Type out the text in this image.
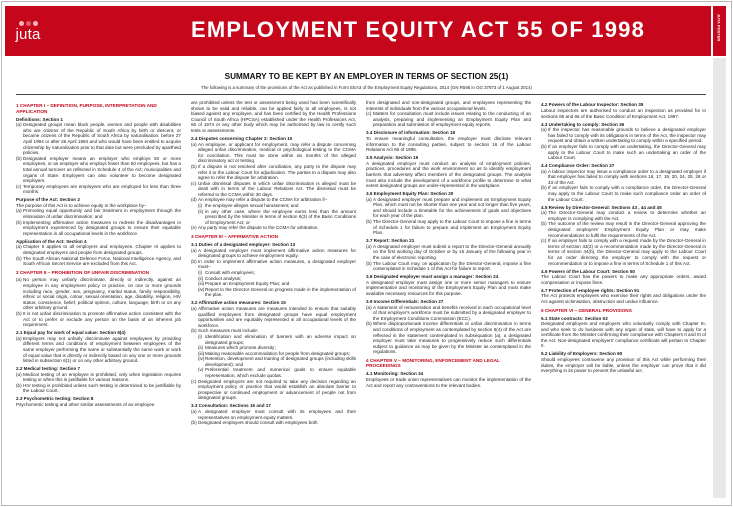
juta	EMPLOYMENT EQUITY ACT 55 OF 1998	JUTA POSTER
SUMMARY TO BE KEPT BY AN EMPLOYER IN TERMS OF SECTION 25(1)
The following is a summary of the provisions of the Act as published in Form EEA3 of the Employment Equity Regulations, 2014 (GN R595 in GG 37873 of 1 August 2014)
1 CHAPTER I – DEFINITION, PURPOSE, INTERPRETATION AND APPLICATION
Definitions: Section 1
(a) Designated groups mean black people, women and people with disabilities who are citizens of the Republic of South Africa by birth or descent, or became citizens of the Republic of South Africa by naturalisation: before 27 April 1994 or after 26 April 1994 and who would have been entitled to acquire citizenship by naturalization prior to that date but were precluded by apartheid policies.
(b) Designated employer means an employer who employs 50 or more employees, or an employer who employs fewer than 50 employees, but has a total annual turnover as reflected in Schedule 4 of the Act; municipalities and organs of State. Employers can also volunteer to become designated employers.
(c) Temporary employees are employees who are employed for less than three months.
Purpose of the Act: Section 2
The purpose of this Act is to achieve equity in the workplace by–
(a) Promoting equal opportunity and fair treatment in employment through the elimination of unfair discrimination; and
(b) Implementing affirmative action measures to redress the disadvantages in employment experienced by designated groups to ensure their equitable representation in all occupational levels in the workforce.
Application of the Act: Section 4
(a) Chapter II applies to all employers and employees. Chapter III applies to designated employers and people from designated groups.
(b) The South African National Defence Force, National Intelligence Agency, and South African Secret Service are excluded from this Act.
2 CHAPTER II – PROHIBITION OF UNFAIR DISCRIMINATION
(a) No person may unfairly discriminate, directly or indirectly, against an employee in any employment policy or practice, on one or more grounds including race, gender, sex, pregnancy, marital status, family responsibility, ethnic or social origin, colour, sexual orientation, age, disability, religion, HIV status, conscience, belief, political opinion, culture, language, birth or on any other arbitrary ground.
(b) It is not unfair discrimination to promote affirmative action consistent with the Act or to prefer or exclude any person on the basis of an inherent job requirement.
2.1 Equal pay for work of equal value: Section 6(4)
(a) Employers may not unfairly discriminate against employees by providing different terms and conditions of employment between employees of the same employer performing the same or substantially the same work or work of equal value that is directly or indirectly based on any one or more grounds listed in subsection 6(1) or on any other arbitrary ground.
2.2 Medical testing: Section 7
(a) Medical testing of an employee is prohibited, only when legislation requires testing or when this is justifiable for various reasons.
(b) HIV testing is prohibited unless such testing is determined to be justifiable by the Labour Court.
2.3 Psychometric testing: Section 8
Psychometric testing and other similar assessments of an employee
are prohibited unless the test or assessment being used has been scientifically shown to be valid and reliable, can be applied fairly to all employees, is not biased against any employee, and has been certified by the Health Professions Council of South Africa (HPCSA) established under the Health Professions Act, 56 of 1974 or any other body which may be authorised by law to certify such tests or assessments.
2.4 Disputes concerning Chapter 2: Section 10
(a) An employee, or applicant for employment, may refer a dispute concerning alleged unfair discrimination, medical or psychological testing to the CCMA for conciliation. This must be done within six months of the alleged discriminatory act or testing.
(b) If a dispute is not resolved after conciliation, any party to the dispute may refer it to the Labour Court for adjudication. The parties to a dispute may also agree to refer the dispute for arbitration.
(c) Unfair dismissal disputes in which unfair discrimination is alleged must be dealt with in terms of the Labour Relations Act. The dismissal must be referred to the CCMA within 30 days.
(d) An employee may refer a dispute to the CCMA for arbitration if–
(i) the employee alleges sexual harassment; and
(ii) in any other case, where the employee earns less than the amount prescribed by the Minister in terms of section 6(3) of the Basic Conditions of Employment Act; or
(e) Any party may refer the dispute to the CCMA for arbitration.
3 CHAPTER III – AFFIRMATIVE ACTION
3.1 Duties of a designated employer: Section 13
(a) A designated employer must implement affirmative action measures for designated groups to achieve employment equity.
(b) In order to implement affirmative action measures, a designated employer must–
(i) Consult with employees;
(ii) Conduct analysis;
(iii) Prepare an Employment Equity Plan; and
(iv) Report to the Director-General on progress made in the implementation of the plan.
3.2 Affirmative action measures: Section 15
(a) Affirmative action measures are measures intended to ensure that suitably qualified employees from designated groups have equal employment opportunities and are equitably represented in all occupational levels of the workforce.
(b) Such measures must include:
(i) Identification and elimination of barriers with an adverse impact on designated groups;
(ii) Measures which promote diversity;
(iii) Making reasonable accommodation for people from designated groups;
(iv) Retention, development and training of designated groups (including skills development); and
(v) Preferential treatment and numerical goals to ensure equitable representation, which exclude quotas.
(c) Designated employers are not required to take any decision regarding an employment policy or practice that would establish an absolute barrier to prospective or continued employment or advancement of people not from designated groups.
3.3 Consultation: Sections 16 and 17
(a) A designated employer must consult with its employees and their representatives on employment equity matters.
(b) Designated employers should consult with employees both
from designated and non-designated groups, and employees representing the interests of individuals from the various occupational levels.
(c) Matters for consultation must include issues relating to the conducting of an analysis, preparing and implementing an Employment Equity Plan and preparation and submission of employment equity reports.
3.4 Disclosure of information: Section 18
To ensure meaningful consultation, the employer must disclose relevant information to the consulting parties, subject to section 16 of the Labour Relations Act 66 of 1995.
3.5 Analysis: Section 19
A designated employer must conduct an analysis of employment policies, practices, procedures and the work environment so as to identify employment barriers that adversely affect members of the designated groups. The analysis must also include the development of a workforce profile to determine to what extent designated groups are under-represented in the workplace.
3.6 Employment Equity Plan: Section 20
(a) A designated employer must prepare and implement an Employment Equity Plan, which must not be shorter than one year and not longer than five years, and should include a timetable for the achievement of goals and objectives for each year of the plan.
(b) The Director-General may apply to the Labour Court to impose a fine in terms of Schedule 1 for failure to prepare and implement an Employment Equity Plan.
3.7 Report: Section 21
(a) A designated employer must submit a report to the Director-General annually on the first working day of October or by 15 January of the following year in the case of electronic reporting.
(b) The Labour Court may, on application by the Director-General, impose a fine contemplated in Schedule 1 of this Act for failure to report.
3.8 Designated employer must assign a manager: Section 24
A designated employer must assign one or more senior managers to ensure implementation and monitoring of the Employment Equity Plan and must make available necessary resources for this purpose.
3.9 Income Differentials: Section 27
(a) A statement of remuneration and benefits received in each occupational level of that employer's workforce must be submitted by a designated employer to the Employment Conditions Commission (ECC).
(b) Where disproportionate income differentials or unfair discrimination in terms and conditions of employment as contemplated by section 6(4) of the Act are reflected in the statement contemplated in subsequation (a), a designated employer must take measures to progressively reduce such differentials subject to guidance as may be given by the Minister as contemplated in the regulations.
4 CHAPTER V – MONITORING, ENFORCEMENT AND LEGAL PROCEEDINGS
4.1 Monitoring: Section 34
Employees or trade union representatives can monitor the implementation of the Act and report any contraventions to the relevant bodies.
4.2 Powers of the Labour Inspector: Section 35
Labour inspectors are authorised to conduct an inspection as provided for in sections 65 and 66 of the Basic Condition of Employment Act, 1997.
4.3 Undertaking to comply: Section 36
(a) If the inspector has reasonable grounds to believe a designated employer has failed to comply with its obligations in terms of the Act, the inspector may request and obtain a written undertaking to comply within a specified period.
(b) If an employer fails to comply with an undertaking, the Director-General may apply to the Labour Court to make such an undertaking an order of the Labour Court.
4.4 Compliance Order: Section 37
(a) A labour inspector may issue a compliance order to a designated employer if that employer has failed to comply with sections 16, 17, 19, 20, 24, 25, 26 or 43 of the Act.
(b) If an employer fails to comply with a compliance order, the Director-General may apply to the Labour Court to make such compliance order an order of the Labour Court.
4.5 Review by Director-General: Sections 43 , 44 and 45
(a) The Director-General may conduct a review to determine whether an employer is complying with the Act.
(b) The outcome of the review may result in the Director-General approving the designated employers' Employment Equity Plan or may make recommendations to fulfil the requirements of the Act.
(c) If an employer fails to comply with a request made by the Director-General in terms of section 43(2) or a recommendation made by the Director-General in terms of section 44(b), the Director-General may apply to the Labour Court for an order directing the employer to comply with the request or recommendation or to impose a fine in terms of Schedule 1 of this Act.
4.6 Powers of the Labour Court: Section 50
The Labour Court has the powers to make any appropriate orders, award compensation or impose fines.
4.7 Protection of employee rights: Section 51
The Act protects employees who exercise their rights and obligations under the Act against victimisation, obstruction and undue influence.
5 CHAPTER VI – GENERAL PROVISIONS
5.1 State contracts: Section 53
Designated employers and employers who voluntarily comply with Chapter III, and who seek to do business with any organ of state, will have to apply for a certificate from the Minister confirming their compliance with Chapters II and III of the Act. Non-designated employers' compliance certificate will pertain to Chapter II.
5.2 Liability of Employers: Section 60
Should employees contravene any provision of this Act while performing their duties, the employer will be liable, unless the employer can prove that it did everything in its power to prevent the unlawful act.
